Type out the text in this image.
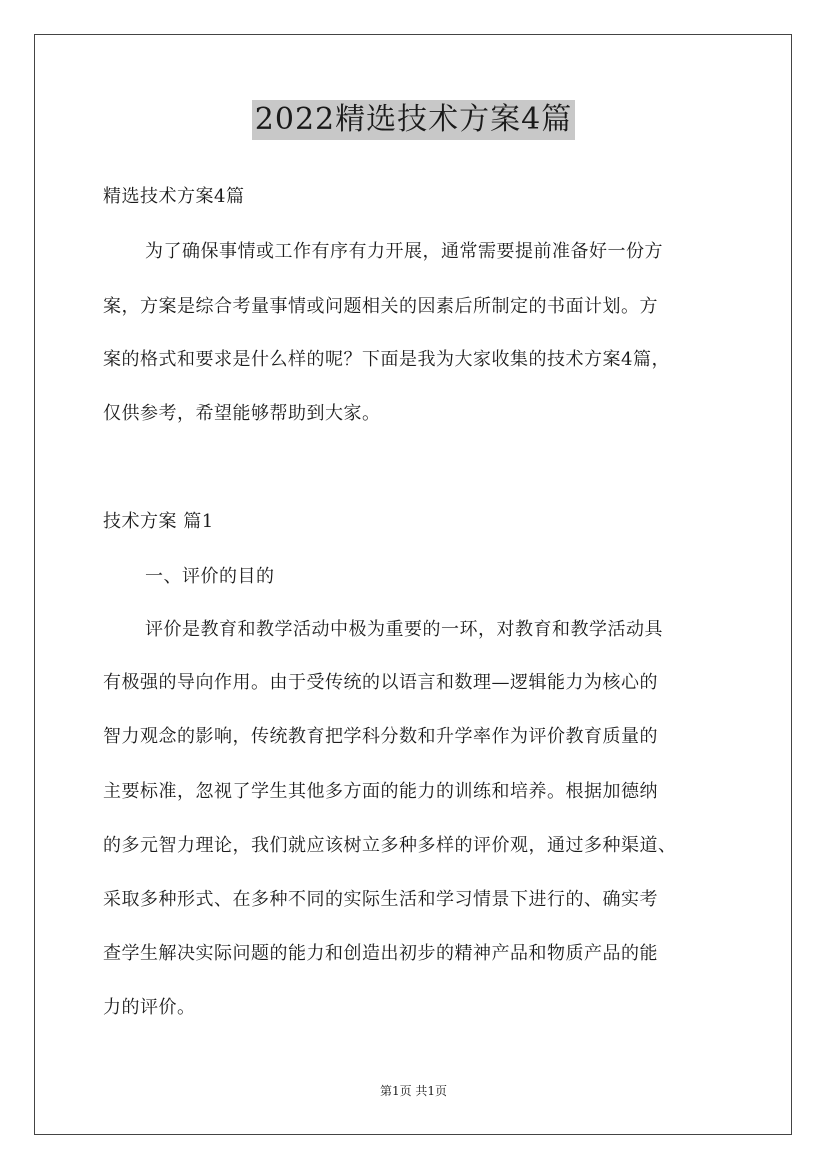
2022精选技术方案4篇
精选技术方案4篇
为了确保事情或工作有序有力开展，通常需要提前准备好一份方
案，方案是综合考量事情或问题相关的因素后所制定的书面计划。方
案的格式和要求是什么样的呢？下面是我为大家收集的技术方案4篇，
仅供参考，希望能够帮助到大家。
技术方案 篇1
一、评价的目的
评价是教育和教学活动中极为重要的一环，对教育和教学活动具
有极强的导向作用。由于受传统的以语言和数理—逻辑能力为核心的
智力观念的影响，传统教育把学科分数和升学率作为评价教育质量的
主要标准，忽视了学生其他多方面的能力的训练和培养。根据加德纳
的多元智力理论，我们就应该树立多种多样的评价观，通过多种渠道、
采取多种形式、在多种不同的实际生活和学习情景下进行的、确实考
查学生解决实际问题的能力和创造出初步的精神产品和物质产品的能
力的评价。
第1页 共1页
